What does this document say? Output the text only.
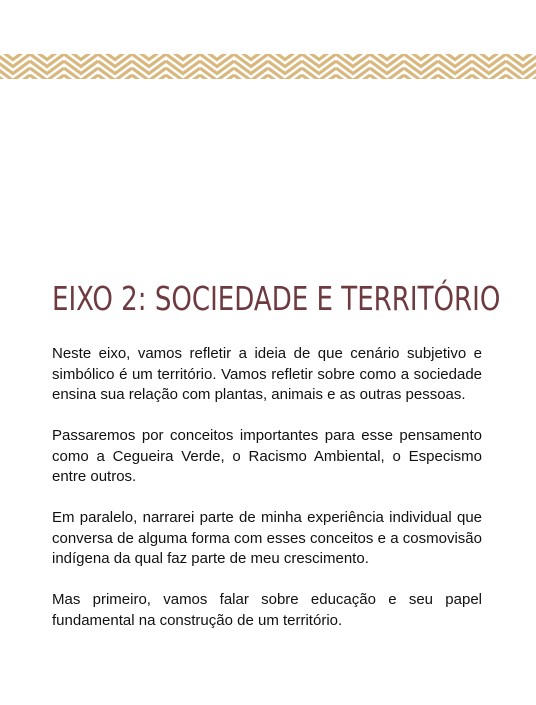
EIXO 2: SOCIEDADE E TERRITÓRIO

Neste eixo, vamos refletir a ideia de que cenário subjetivo e simbólico é um território. Vamos refletir sobre como a sociedade ensina sua relação com plantas, animais e as outras pessoas.

Passaremos por conceitos importantes para esse pensamento como a Cegueira Verde, o Racismo Ambiental, o Especismo entre outros.

Em paralelo, narrarei parte de minha experiência individual que conversa de alguma forma com esses conceitos e a cosmovisão indígena da qual faz parte de meu crescimento.

Mas primeiro, vamos falar sobre educação e seu papel fundamental na construção de um território.
